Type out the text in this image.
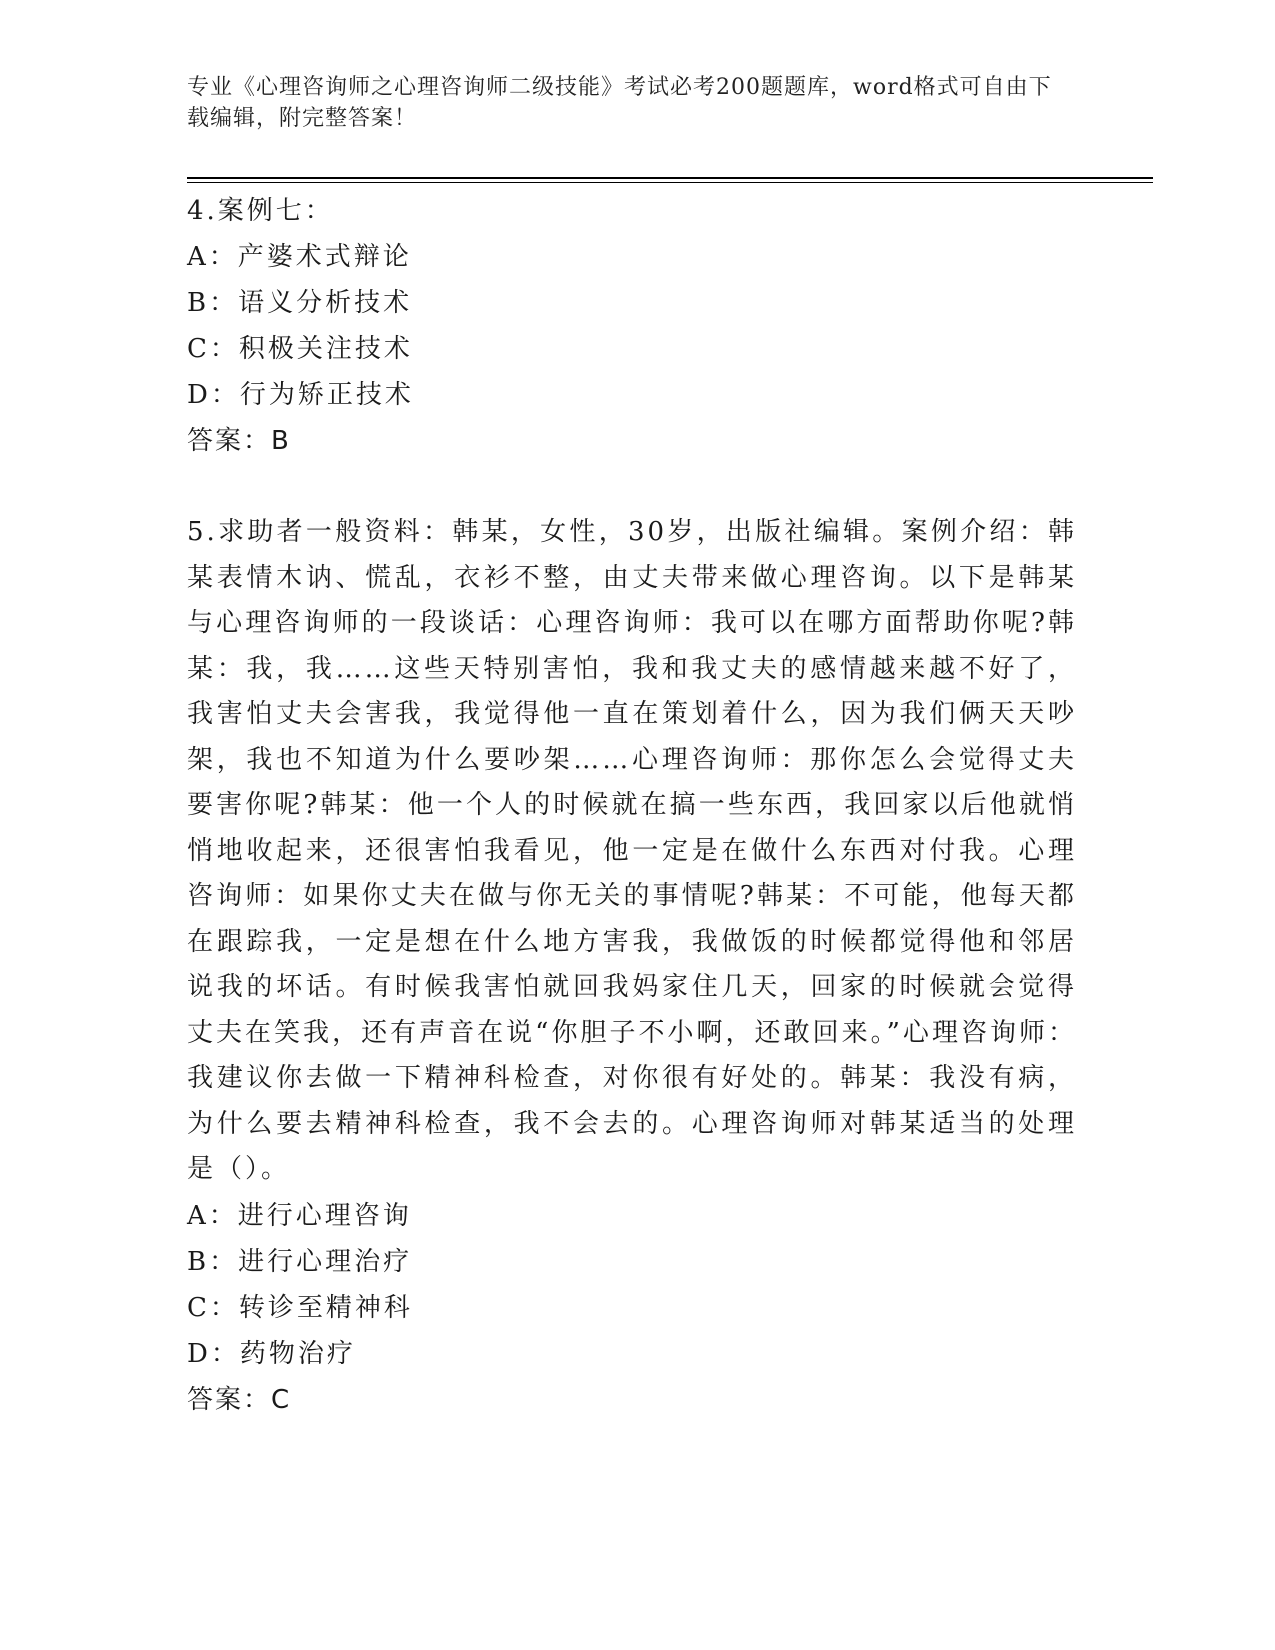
专业《心理咨询师之心理咨询师二级技能》考试必考200题题库，word格式可自由下载编辑，附完整答案！

4.案例七：

A：产婆术式辩论

B：语义分析技术

C：积极关注技术

D：行为矫正技术

答案：B

5.求助者一般资料：韩某，女性，30岁，出版社编辑。案例介绍：韩某表情木讷、慌乱，衣衫不整，由丈夫带来做心理咨询。以下是韩某与心理咨询师的一段谈话：心理咨询师：我可以在哪方面帮助你呢?韩某：我，我……这些天特别害怕，我和我丈夫的感情越来越不好了，我害怕丈夫会害我，我觉得他一直在策划着什么，因为我们俩天天吵架，我也不知道为什么要吵架……心理咨询师：那你怎么会觉得丈夫要害你呢?韩某：他一个人的时候就在搞一些东西，我回家以后他就悄悄地收起来，还很害怕我看见，他一定是在做什么东西对付我。心理咨询师：如果你丈夫在做与你无关的事情呢?韩某：不可能，他每天都在跟踪我，一定是想在什么地方害我，我做饭的时候都觉得他和邻居说我的坏话。有时候我害怕就回我妈家住几天，回家的时候就会觉得丈夫在笑我，还有声音在说“你胆子不小啊，还敢回来。”心理咨询师：我建议你去做一下精神科检查，对你很有好处的。韩某：我没有病，为什么要去精神科检查，我不会去的。心理咨询师对韩某适当的处理是（）。

A：进行心理咨询

B：进行心理治疗

C：转诊至精神科

D：药物治疗

答案：C
